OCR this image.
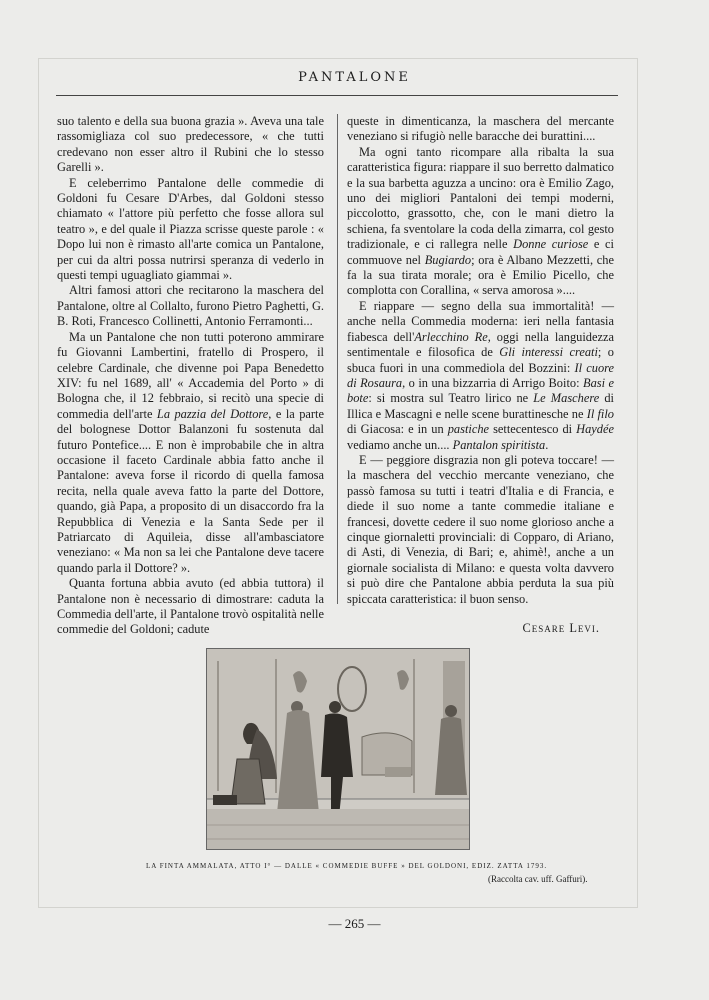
PANTALONE

suo talento e della sua buona grazia ». Aveva una tale rassomigliaza col suo predecessore, « che tutti credevano non esser altro il Rubini che lo stesso Garelli ».

E celeberrimo Pantalone delle commedie di Goldoni fu Cesare D'Arbes, dal Goldoni stesso chiamato « l'attore più perfetto che fosse allora sul teatro », e del quale il Piazza scrisse queste parole : « Dopo lui non è rimasto all'arte comica un Pantalone, per cui da altri possa nutrirsi speranza di vederlo in questi tempi uguagliato giammai ».

Altri famosi attori che recitarono la maschera del Pantalone, oltre al Collalto, furono Pietro Paghetti, G. B. Roti, Francesco Collinetti, Antonio Ferramonti...

Ma un Pantalone che non tutti poterono ammirare fu Giovanni Lambertini, fratello di Prospero, il celebre Cardinale, che divenne poi Papa Benedetto XIV: fu nel 1689, all' « Accademia del Porto » di Bologna che, il 12 febbraio, si recitò una specie di commedia dell'arte La pazzia del Dottore, e la parte del bolognese Dottor Balanzoni fu sostenuta dal futuro Pontefice.... E non è improbabile che in altra occasione il faceto Cardinale abbia fatto anche il Pantalone: aveva forse il ricordo di quella famosa recita, nella quale aveva fatto la parte del Dottore, quando, già Papa, a proposito di un disaccordo fra la Repubblica di Venezia e la Santa Sede per il Patriarcato di Aquileia, disse all'ambasciatore veneziano: « Ma non sa lei che Pantalone deve tacere quando parla il Dottore? ».

Quanta fortuna abbia avuto (ed abbia tuttora) il Pantalone non è necessario di dimostrare: caduta la Commedia dell'arte, il Pantalone trovò ospitalità nelle commedie del Goldoni; cadute

queste in dimenticanza, la maschera del mercante veneziano si rifugiò nelle baracche dei burattini....

Ma ogni tanto ricompare alla ribalta la sua caratteristica figura: riappare il suo berretto dalmatico e la sua barbetta aguzza a uncino: ora è Emilio Zago, uno dei migliori Pantaloni dei tempi moderni, piccolotto, grassotto, che, con le mani dietro la schiena, fa sventolare la coda della zimarra, col gesto tradizionale, e ci rallegra nelle Donne curiose e ci commuove nel Bugiardo; ora è Albano Mezzetti, che fa la sua tirata morale; ora è Emilio Picello, che complotta con Corallina, « serva amorosa »....

E riappare — segno della sua immortalità! — anche nella Commedia moderna: ieri nella fantasia fiabesca dell'Arlecchino Re, oggi nella languidezza sentimentale e filosofica de Gli interessi creati; o sbuca fuori in una commediola del Bozzini: Il cuore di Rosaura, o in una bizzarria di Arrigo Boito: Basi e bote: si mostra sul Teatro lirico ne Le Maschere di Illica e Mascagni e nelle scene burattinesche ne Il filo di Giacosa: e in un pastiche settecentesco di Haydée vediamo anche un.... Pantalon spiritista.

E — peggiore disgrazia non gli poteva toccare! — la maschera del vecchio mercante veneziano, che passò famosa su tutti i teatri d'Italia e di Francia, e diede il suo nome a tante commedie italiane e francesi, dovette cedere il suo nome glorioso anche a cinque giornaletti provinciali: di Copparo, di Ariano, di Asti, di Venezia, di Bari; e, ahimè!, anche a un giornale socialista di Milano: e questa volta davvero si può dire che Pantalone abbia perduta la sua più spiccata caratteristica: il buon senso.

Cesare Levi.
LA FINTA AMMALATA, ATTO I° — DALLE « COMMEDIE BUFFE » DEL GOLDONI, EDIZ. ZATTA 1793.
(Raccolta cav. uff. Gaffuri).
— 265 —
